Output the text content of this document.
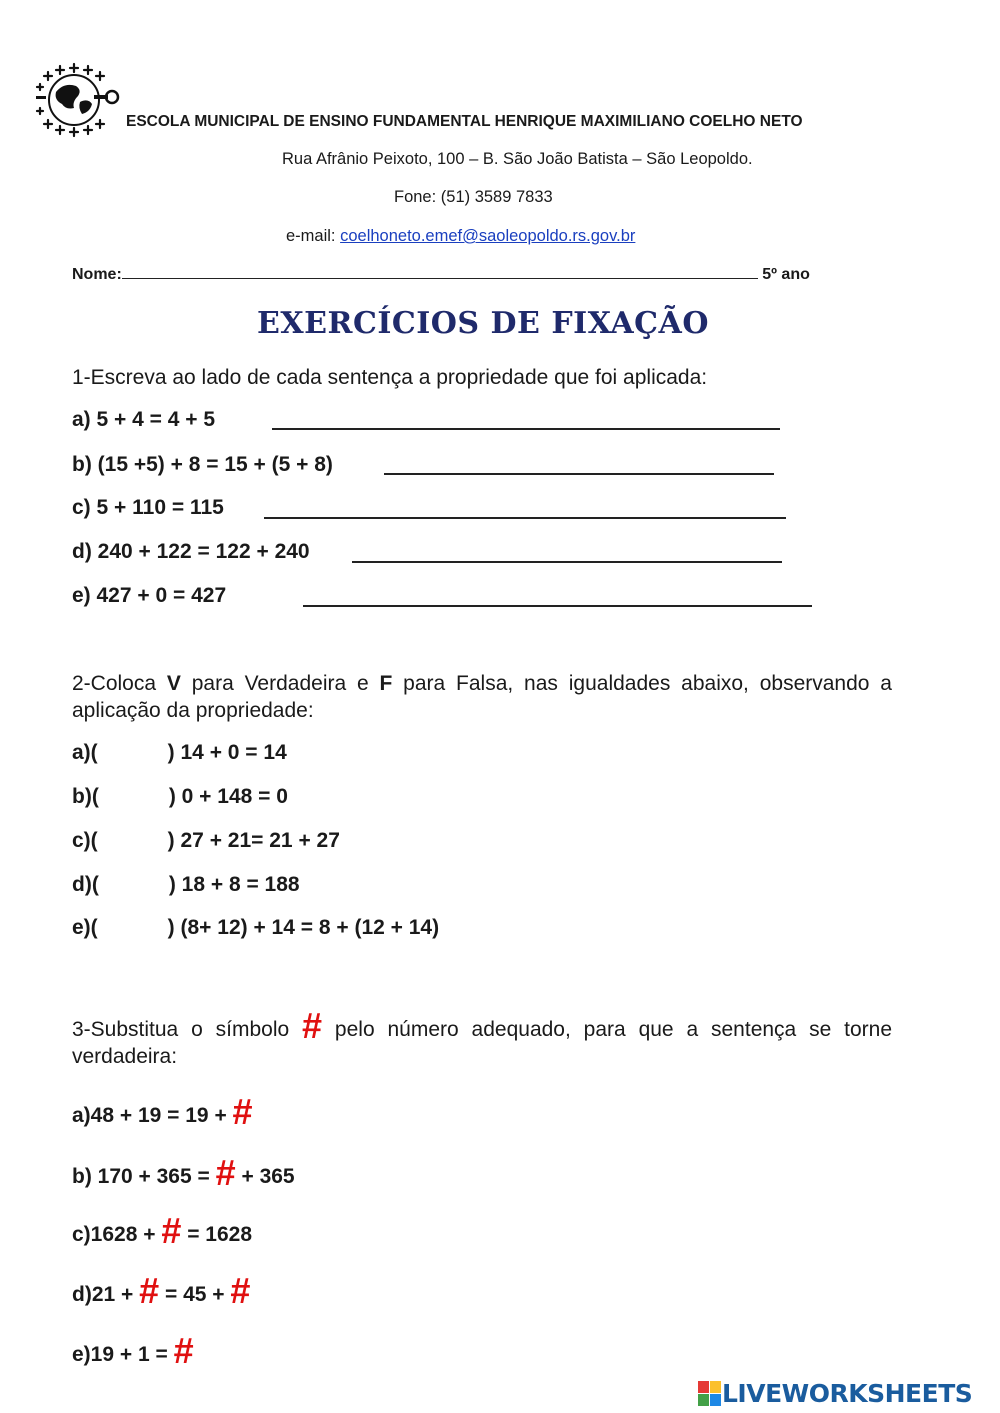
ESCOLA MUNICIPAL DE ENSINO FUNDAMENTAL HENRIQUE MAXIMILIANO COELHO NETO
Rua Afrânio Peixoto, 100 – B. São João Batista – São Leopoldo.
Fone: (51) 3589 7833
e-mail: coelhoneto.emef@saoleopoldo.rs.gov.br
Nome:	5º ano
EXERCÍCIOS DE FIXAÇÃO
1-Escreva ao lado de cada sentença a propriedade que foi aplicada:
a) 5 + 4 = 4 + 5
b) (15 +5) + 8 = 15 + (5 + 8)
c) 5 + 110 = 115
d) 240 + 122 = 122 + 240
e) 427 + 0 = 427
2-Coloca V para Verdadeira e F para Falsa, nas igualdades abaixo, observando a aplicação da propriedade:
a)(	) 14 + 0 = 14
b)(	) 0 + 148 = 0
c)(	) 27 + 21= 21 + 27
d)(	) 18 + 8 = 188
e)(	) (8+ 12) + 14 = 8 + (12 + 14)
3-Substitua o símbolo # pelo número adequado, para que a sentença se torne verdadeira:
a)48 + 19 = 19 + #
b) 170 + 365 = # + 365
c)1628 + # = 1628
d)21 + # = 45 + #
e)19 + 1 = #
LIVEWORKSHEETS
